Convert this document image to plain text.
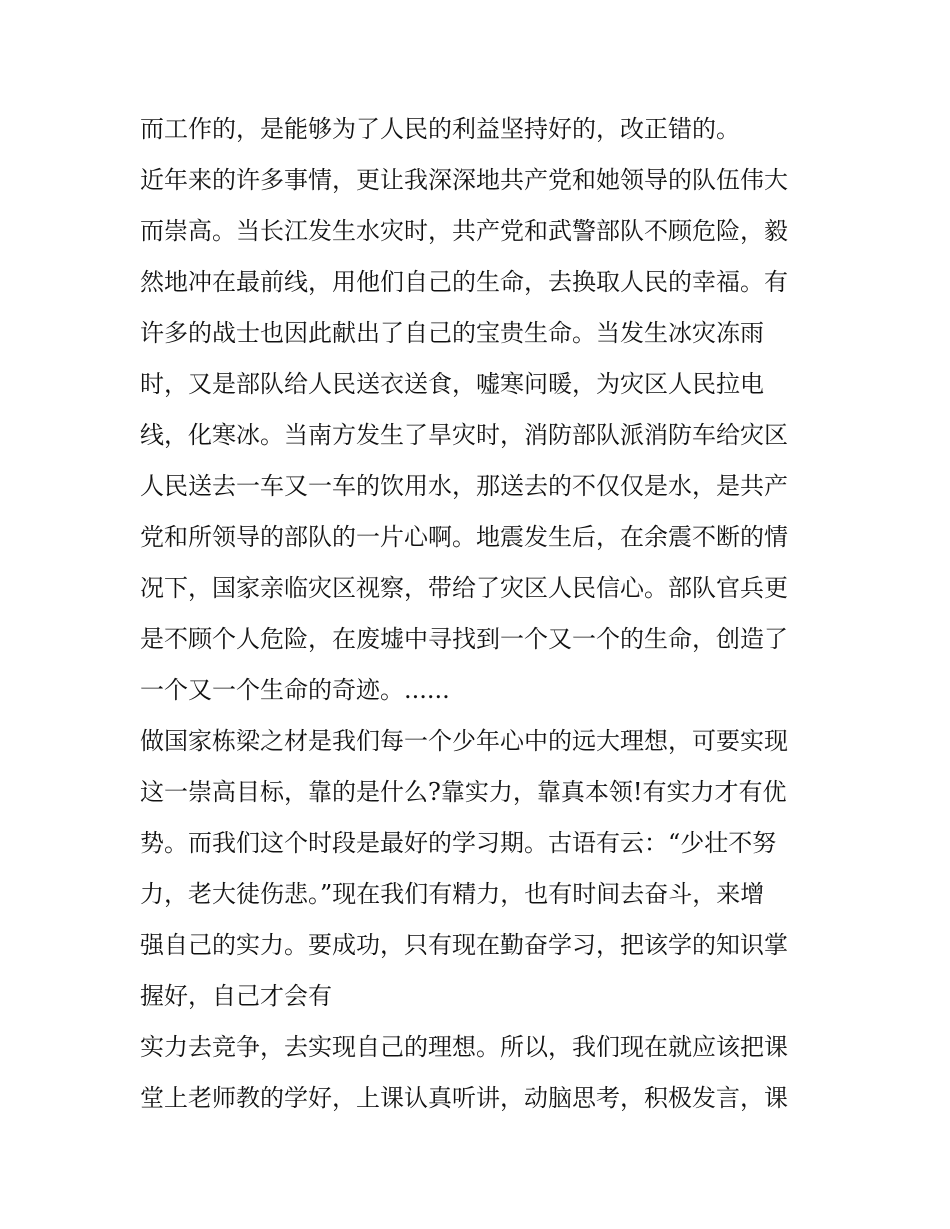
而工作的，是能够为了人民的利益坚持好的，改正错的。
近年来的许多事情，更让我深深地共产党和她领导的队伍伟大
而崇高。当长江发生水灾时，共产党和武警部队不顾危险，毅
然地冲在最前线，用他们自己的生命，去换取人民的幸福。有
许多的战士也因此献出了自己的宝贵生命。当发生冰灾冻雨
时，又是部队给人民送衣送食，嘘寒问暖，为灾区人民拉电
线，化寒冰。当南方发生了旱灾时，消防部队派消防车给灾区
人民送去一车又一车的饮用水，那送去的不仅仅是水，是共产
党和所领导的部队的一片心啊。地震发生后，在余震不断的情
况下，国家亲临灾区视察，带给了灾区人民信心。部队官兵更
是不顾个人危险，在废墟中寻找到一个又一个的生命，创造了
一个又一个生命的奇迹。......
做国家栋梁之材是我们每一个少年心中的远大理想，可要实现
这一崇高目标，靠的是什么?靠实力，靠真本领!有实力才有优
势。而我们这个时段是最好的学习期。古语有云：“少壮不努
力，老大徒伤悲。”现在我们有精力，也有时间去奋斗，来增
强自己的实力。要成功，只有现在勤奋学习，把该学的知识掌
握好，自己才会有
实力去竞争，去实现自己的理想。所以，我们现在就应该把课
堂上老师教的学好，上课认真听讲，动脑思考，积极发言，课
